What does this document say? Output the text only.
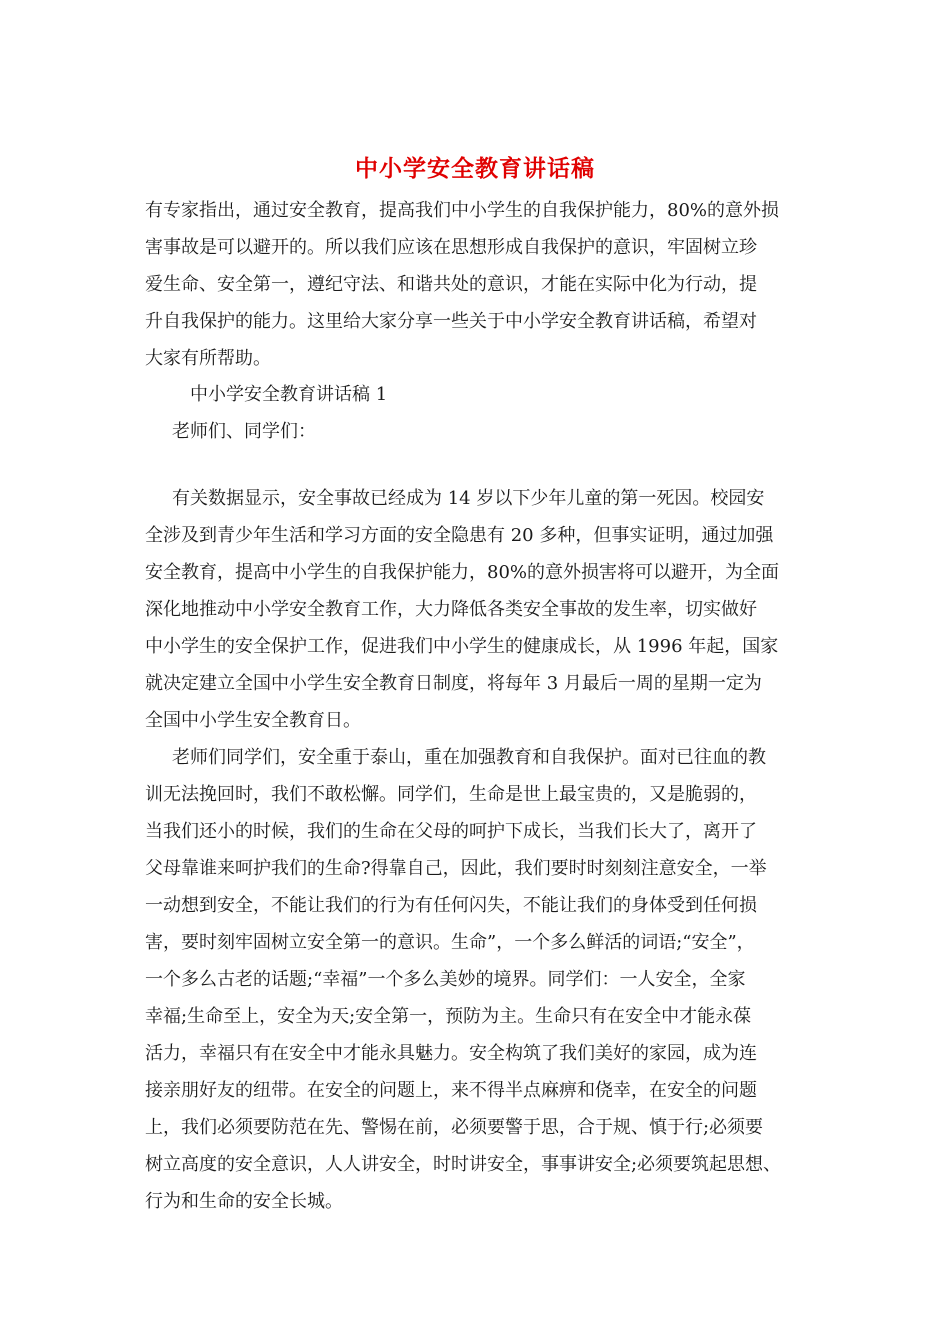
中小学安全教育讲话稿

有专家指出，通过安全教育，提高我们中小学生的自我保护能力，80%的意外损

害事故是可以避开的。所以我们应该在思想形成自我保护的意识，牢固树立珍

爱生命、安全第一，遵纪守法、和谐共处的意识，才能在实际中化为行动，提

升自我保护的能力。这里给大家分享一些关于中小学安全教育讲话稿，希望对

大家有所帮助。

中小学安全教育讲话稿 1

老师们、同学们：

有关数据显示，安全事故已经成为 14 岁以下少年儿童的第一死因。校园安

全涉及到青少年生活和学习方面的安全隐患有 20 多种，但事实证明，通过加强

安全教育，提高中小学生的自我保护能力，80%的意外损害将可以避开，为全面

深化地推动中小学安全教育工作，大力降低各类安全事故的发生率，切实做好

中小学生的安全保护工作，促进我们中小学生的健康成长，从 1996 年起，国家

就决定建立全国中小学生安全教育日制度，将每年 3 月最后一周的星期一定为

全国中小学生安全教育日。

老师们同学们，安全重于泰山，重在加强教育和自我保护。面对已往血的教

训无法挽回时，我们不敢松懈。同学们，生命是世上最宝贵的，又是脆弱的，

当我们还小的时候，我们的生命在父母的呵护下成长，当我们长大了，离开了

父母靠谁来呵护我们的生命?得靠自己，因此，我们要时时刻刻注意安全，一举

一动想到安全，不能让我们的行为有任何闪失，不能让我们的身体受到任何损

害，要时刻牢固树立安全第一的意识。生命”，一个多么鲜活的词语;“安全”，

一个多么古老的话题;“幸福”一个多么美妙的境界。同学们：一人安全，全家

幸福;生命至上，安全为天;安全第一，预防为主。生命只有在安全中才能永葆

活力，幸福只有在安全中才能永具魅力。安全构筑了我们美好的家园，成为连

接亲朋好友的纽带。在安全的问题上，来不得半点麻痹和侥幸，在安全的问题

上，我们必须要防范在先、警惕在前，必须要警于思，合于规、慎于行;必须要

树立高度的安全意识，人人讲安全，时时讲安全，事事讲安全;必须要筑起思想、

行为和生命的安全长城。
